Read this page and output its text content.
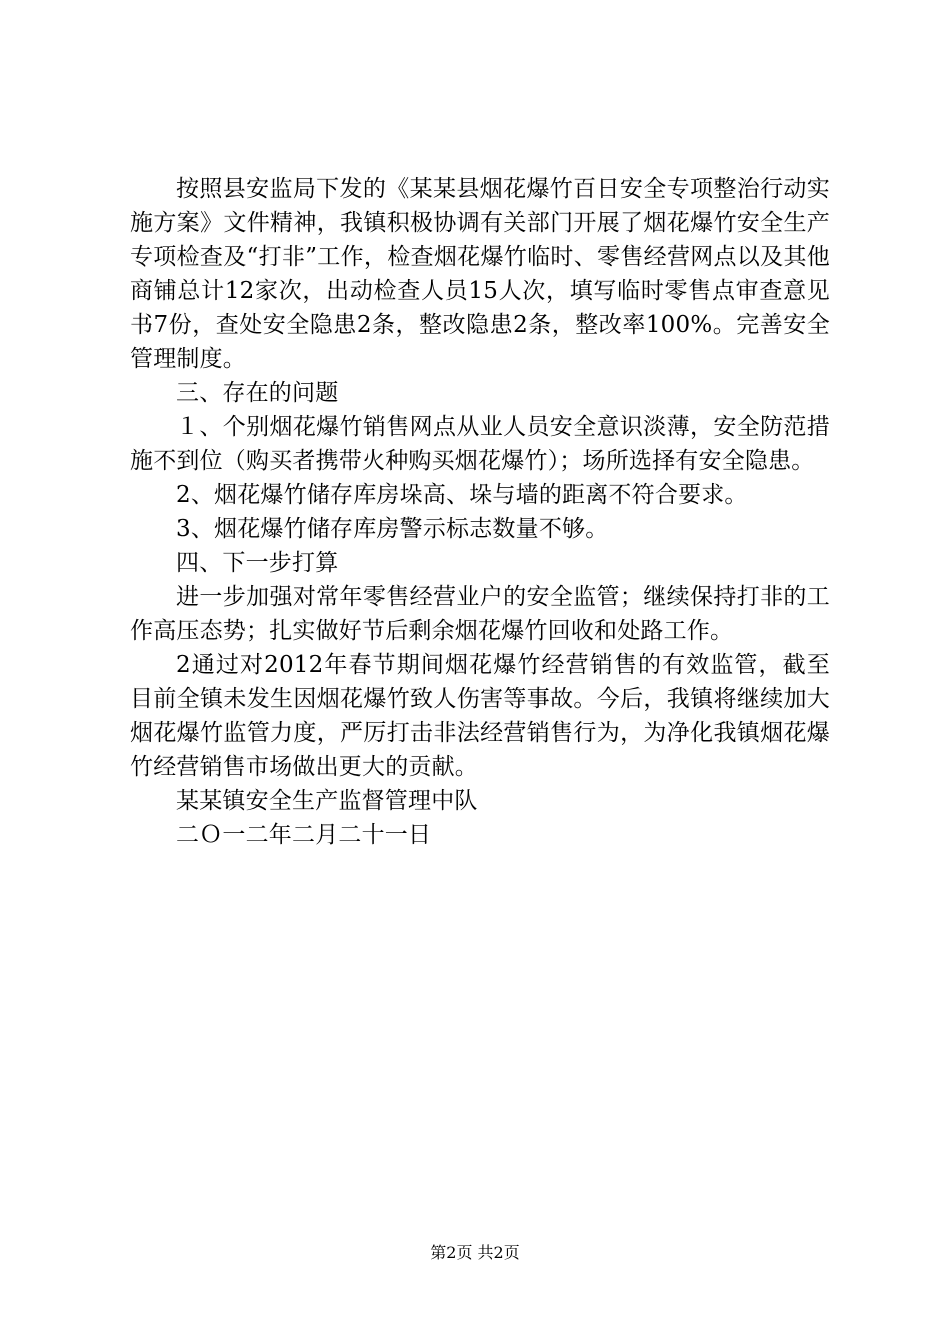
按照县安监局下发的《某某县烟花爆竹百日安全专项整治行动实施方案》文件精神，我镇积极协调有关部门开展了烟花爆竹安全生产专项检查及“打非”工作，检查烟花爆竹临时、零售经营网点以及其他商铺总计12家次，出动检查人员15人次，填写临时零售点审查意见书7份，查处安全隐患2条，整改隐患2条，整改率100%。完善安全管理制度。

三、存在的问题

１、个别烟花爆竹销售网点从业人员安全意识淡薄，安全防范措施不到位（购买者携带火种购买烟花爆竹）；场所选择有安全隐患。

2、烟花爆竹储存库房垛高、垛与墙的距离不符合要求。

3、烟花爆竹储存库房警示标志数量不够。

四、下一步打算

进一步加强对常年零售经营业户的安全监管；继续保持打非的工作高压态势；扎实做好节后剩余烟花爆竹回收和处路工作。

2通过对2012年春节期间烟花爆竹经营销售的有效监管，截至目前全镇未发生因烟花爆竹致人伤害等事故。今后，我镇将继续加大烟花爆竹监管力度，严厉打击非法经营销售行为，为净化我镇烟花爆竹经营销售市场做出更大的贡献。

某某镇安全生产监督管理中队

二Ｏ一二年二月二十一日

第2页 共2页
